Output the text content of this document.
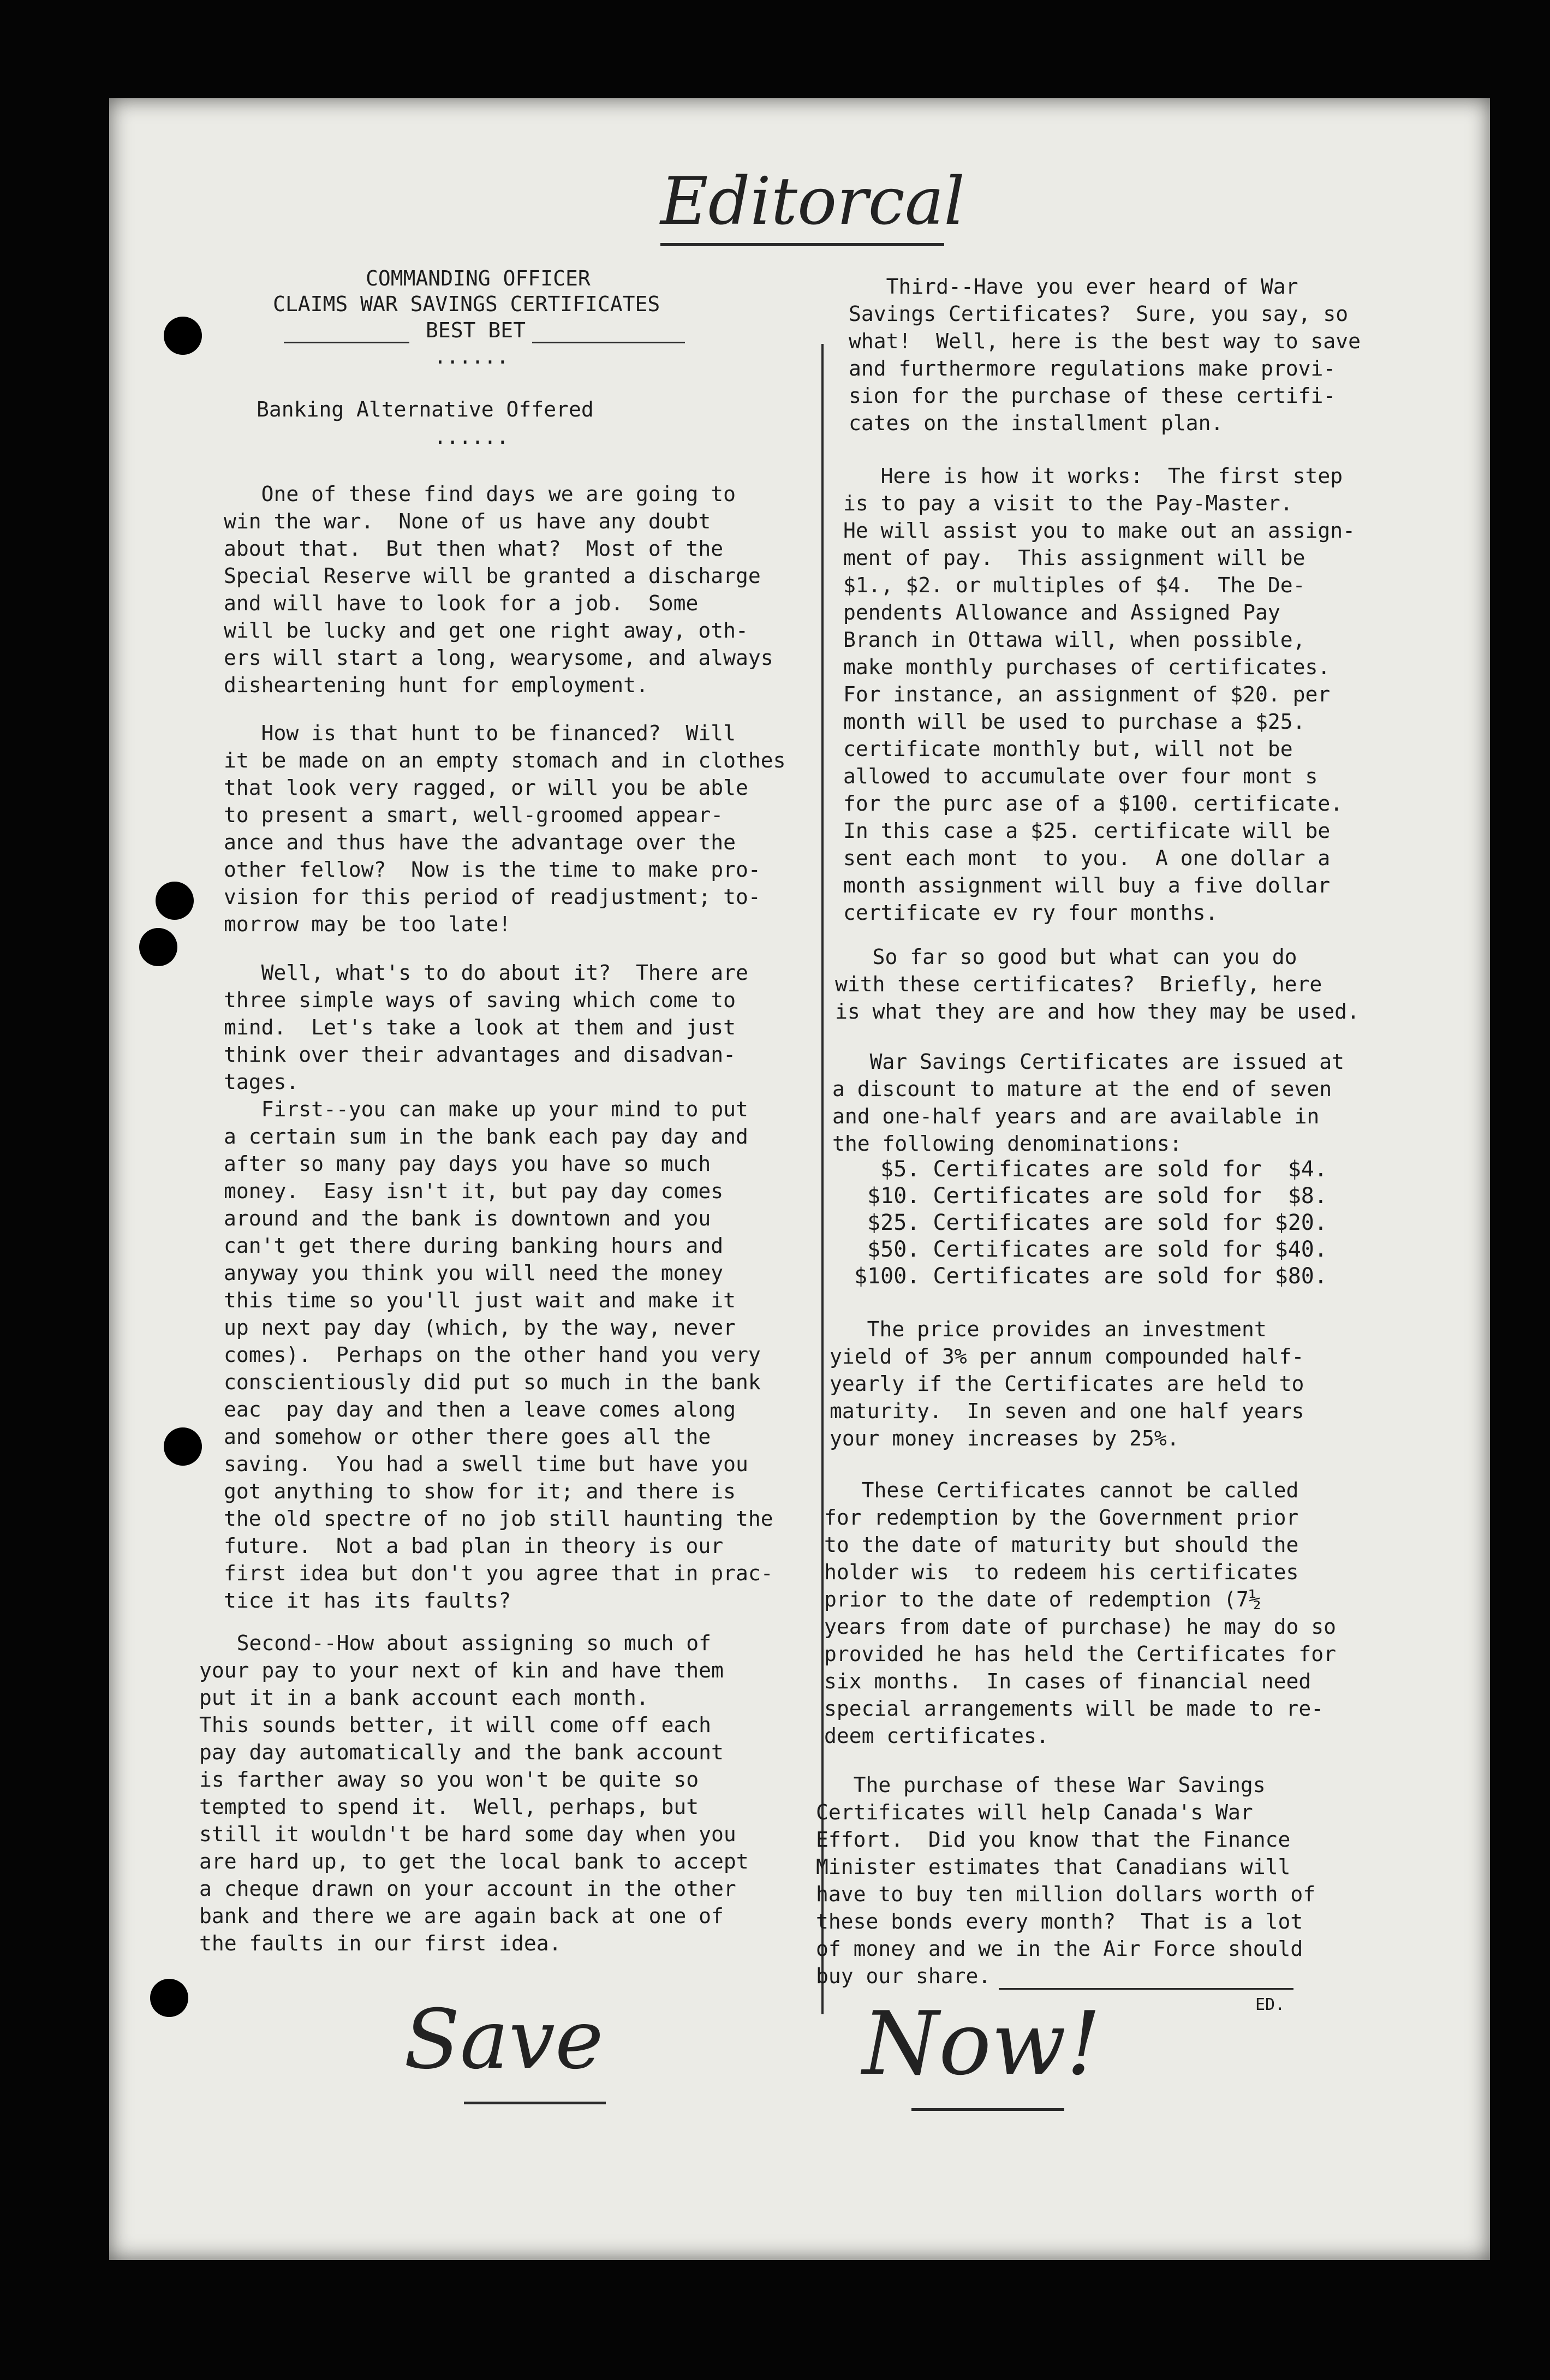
Editorcal
COMMANDING OFFICER
CLAIMS WAR SAVINGS CERTIFICATES
BEST BET
......
Banking Alternative Offered
......
One of these find days we are going to
win the war.  None of us have any doubt
about that.  But then what?  Most of the
Special Reserve will be granted a discharge
and will have to look for a job.  Some
will be lucky and get one right away, oth-
ers will start a long, wearysome, and always
disheartening hunt for employment.
How is that hunt to be financed?  Will
it be made on an empty stomach and in clothes
that look very ragged, or will you be able
to present a smart, well-groomed appear-
ance and thus have the advantage over the
other fellow?  Now is the time to make pro-
vision for this period of readjustment; to-
morrow may be too late!
Well, what's to do about it?  There are
three simple ways of saving which come to
mind.  Let's take a look at them and just
think over their advantages and disadvan-
tages.
First--you can make up your mind to put
a certain sum in the bank each pay day and
after so many pay days you have so much
money.  Easy isn't it, but pay day comes
around and the bank is downtown and you
can't get there during banking hours and
anyway you think you will need the money
this time so you'll just wait and make it
up next pay day (which, by the way, never
comes).  Perhaps on the other hand you very
conscientiously did put so much in the bank
eac  pay day and then a leave comes along
and somehow or other there goes all the
saving.  You had a swell time but have you
got anything to show for it; and there is
the old spectre of no job still haunting the
future.  Not a bad plan in theory is our
first idea but don't you agree that in prac-
tice it has its faults?
Second--How about assigning so much of
your pay to your next of kin and have them
put it in a bank account each month.
This sounds better, it will come off each
pay day automatically and the bank account
is farther away so you won't be quite so
tempted to spend it.  Well, perhaps, but
still it wouldn't be hard some day when you
are hard up, to get the local bank to accept
a cheque drawn on your account in the other
bank and there we are again back at one of
the faults in our first idea.
Third--Have you ever heard of War
Savings Certificates?  Sure, you say, so
what!  Well, here is the best way to save
and furthermore regulations make provi-
sion for the purchase of these certifi-
cates on the installment plan.
Here is how it works:  The first step
is to pay a visit to the Pay-Master.
He will assist you to make out an assign-
ment of pay.  This assignment will be
$1., $2. or multiples of $4.  The De-
pendents Allowance and Assigned Pay
Branch in Ottawa will, when possible,
make monthly purchases of certificates.
For instance, an assignment of $20. per
month will be used to purchase a $25.
certificate monthly but, will not be
allowed to accumulate over four mont s
for the purc ase of a $100. certificate.
In this case a $25. certificate will be
sent each mont  to you.  A one dollar a
month assignment will buy a five dollar
certificate ev ry four months.
So far so good but what can you do
with these certificates?  Briefly, here
is what they are and how they may be used.
War Savings Certificates are issued at
a discount to mature at the end of seven
and one-half years and are available in
the following denominations:
$5. Certificates are sold for  $4.
$10. Certificates are sold for  $8.
$25. Certificates are sold for $20.
$50. Certificates are sold for $40.
$100. Certificates are sold for $80.
The price provides an investment
yield of 3% per annum compounded half-
yearly if the Certificates are held to
maturity.  In seven and one half years
your money increases by 25%.
These Certificates cannot be called
for redemption by the Government prior
to the date of maturity but should the
holder wis  to redeem his certificates
prior to the date of redemption (7½
years from date of purchase) he may do so
provided he has held the Certificates for
six months.  In cases of financial need
special arrangements will be made to re-
deem certificates.
The purchase of these War Savings
Certificates will help Canada's War
Effort.  Did you know that the Finance
Minister estimates that Canadians will
have to buy ten million dollars worth of
these bonds every month?  That is a lot
of money and we in the Air Force should
buy our share.
ED.
Save	Now!
